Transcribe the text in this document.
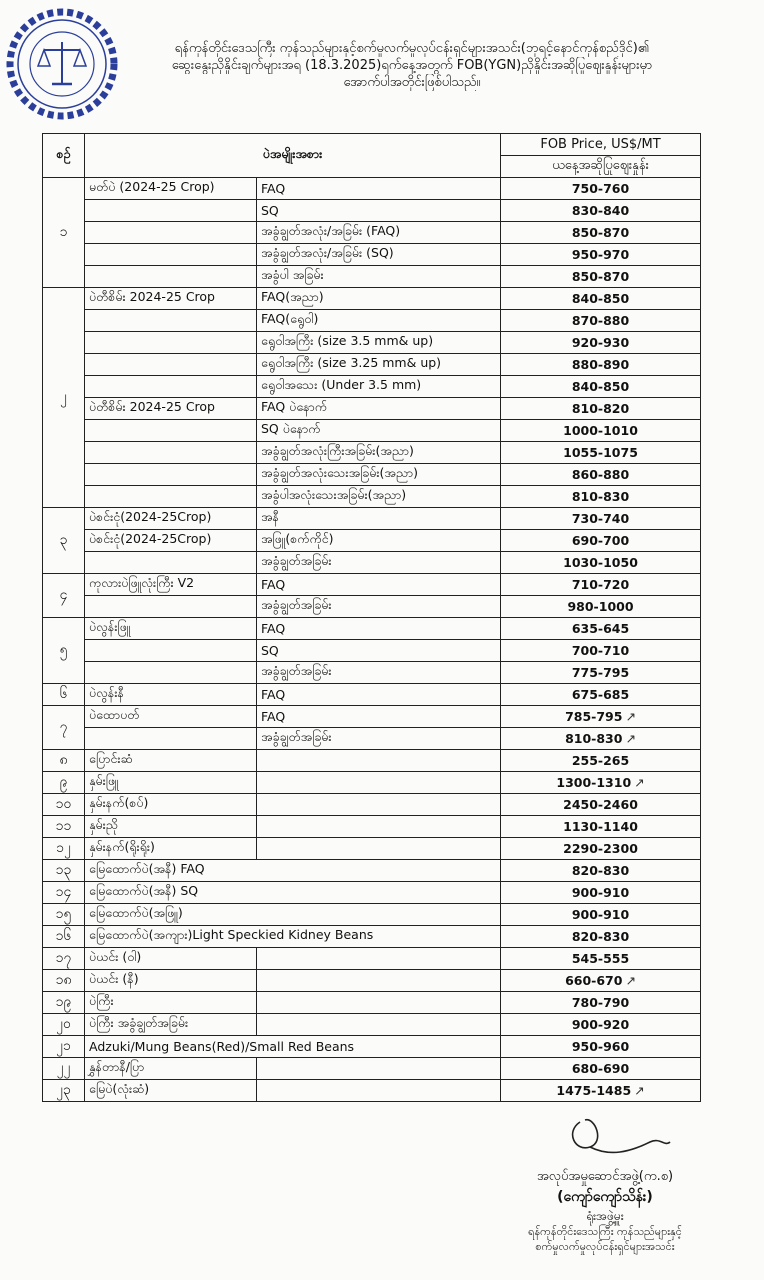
ရန်ကုန်တိုင်းဒေသကြီး ကုန်သည်များနှင့်စက်မှုလက်မှုလုပ်ငန်းရှင်များအသင်း(ဘုရင့်နောင်ကုန်စည်ဒိုင်)၏
ဆွေးနွေးညှိနှိုင်းချက်များအရ (18.3.2025)ရက်နေ့အတွက် FOB(YGN)ညှိနှိုင်းအဆိုပြုဈေးနှုန်းများမှာ
အောက်ပါအတိုင်းဖြစ်ပါသည်။
စဉ်	ပဲအမျိုးအစား		FOB Price, US$/MT
			ယနေ့အဆိုပြုဈေးနှုန်း
၁	မတ်ပဲ (2024-25 Crop)	FAQ	750-760
		SQ	830-840
		အခွံချွတ်အလုံး/အခြမ်း (FAQ)	850-870
		အခွံချွတ်အလုံး/အခြမ်း (SQ)	950-970
		အခွံပါ အခြမ်း	850-870
၂	ပဲတီစိမ်း 2024-25 Crop	FAQ(အညာ)	840-850
		FAQ(ရွေ၀ါ)	870-880
		ရွေ၀ါအကြီး (size 3.5 mm& up)	920-930
		ရွေ၀ါအကြီး (size 3.25 mm& up)	880-890
		ရွေ၀ါအသေး (Under 3.5 mm)	840-850
	ပဲတီစိမ်း 2024-25 Crop	FAQ ပဲနောက်	810-820
		SQ ပဲနောက်	1000-1010
		အခွံချွတ်အလုံးကြီးအခြမ်း(အညာ)	1055-1075
		အခွံချွတ်အလုံးသေးအခြမ်း(အညာ)	860-880
		အခွံပါအလုံးသေးအခြမ်း(အညာ)	810-830
၃	ပဲစင်းငုံ(2024-25Crop)	အနီ	730-740
	ပဲစင်းငုံ(2024-25Crop)	အဖြူ(စက်ကိုင်)	690-700
		အခွံချွတ်အခြမ်း	1030-1050
၄	ကုလားပဲဖြူလုံးကြီး V2	FAQ	710-720
		အခွံချွတ်အခြမ်း	980-1000
၅	ပဲလွန်းဖြူ	FAQ	635-645
		SQ	700-710
		အခွံချွတ်အခြမ်း	775-795
၆	ပဲလွန်းနီ	FAQ	675-685
၇	ပဲထောပတ်	FAQ	785-795 ↗
		အခွံချွတ်အခြမ်း	810-830 ↗
၈	ပြောင်းဆံ		255-265
၉	နှမ်းဖြူ		1300-1310 ↗
၁၀	နှမ်းနက်(စပ်)		2450-2460
၁၁	နှမ်းညို		1130-1140
၁၂	နှမ်းနက်(ရိုးရိုး)		2290-2300
၁၃	မြေထောက်ပဲ(အနီ) FAQ		820-830
၁၄	မြေထောက်ပဲ(အနီ) SQ		900-910
၁၅	မြေထောက်ပဲ(အဖြူ)		900-910
၁၆	မြေထောက်ပဲ(အကျား)Light Speckied Kidney Beans		820-830
၁၇	ပဲယင်း (ဝါ)		545-555
၁၈	ပဲယင်း (နီ)		660-670 ↗
၁၉	ပဲကြီး		780-790
၂၀	ပဲကြီး အခွံချွတ်အခြမ်း		900-920
၂၁	Adzuki/Mung Beans(Red)/Small Red Beans		950-960
၂၂	နွှန်တာနီ/ပြာ		680-690
၂၃	မြေပဲ(လုံးဆံ)		1475-1485 ↗
အလုပ်အမှုဆောင်အဖွဲ့(က.စ)
(ကျော်ကျော်သိန်း)
ရုံးအဖွဲ့မှူး
ရန်ကုန်တိုင်းဒေသကြီး ကုန်သည်များနှင့်
စက်မှုလက်မှုလုပ်ငန်းရှင်များအသင်း
